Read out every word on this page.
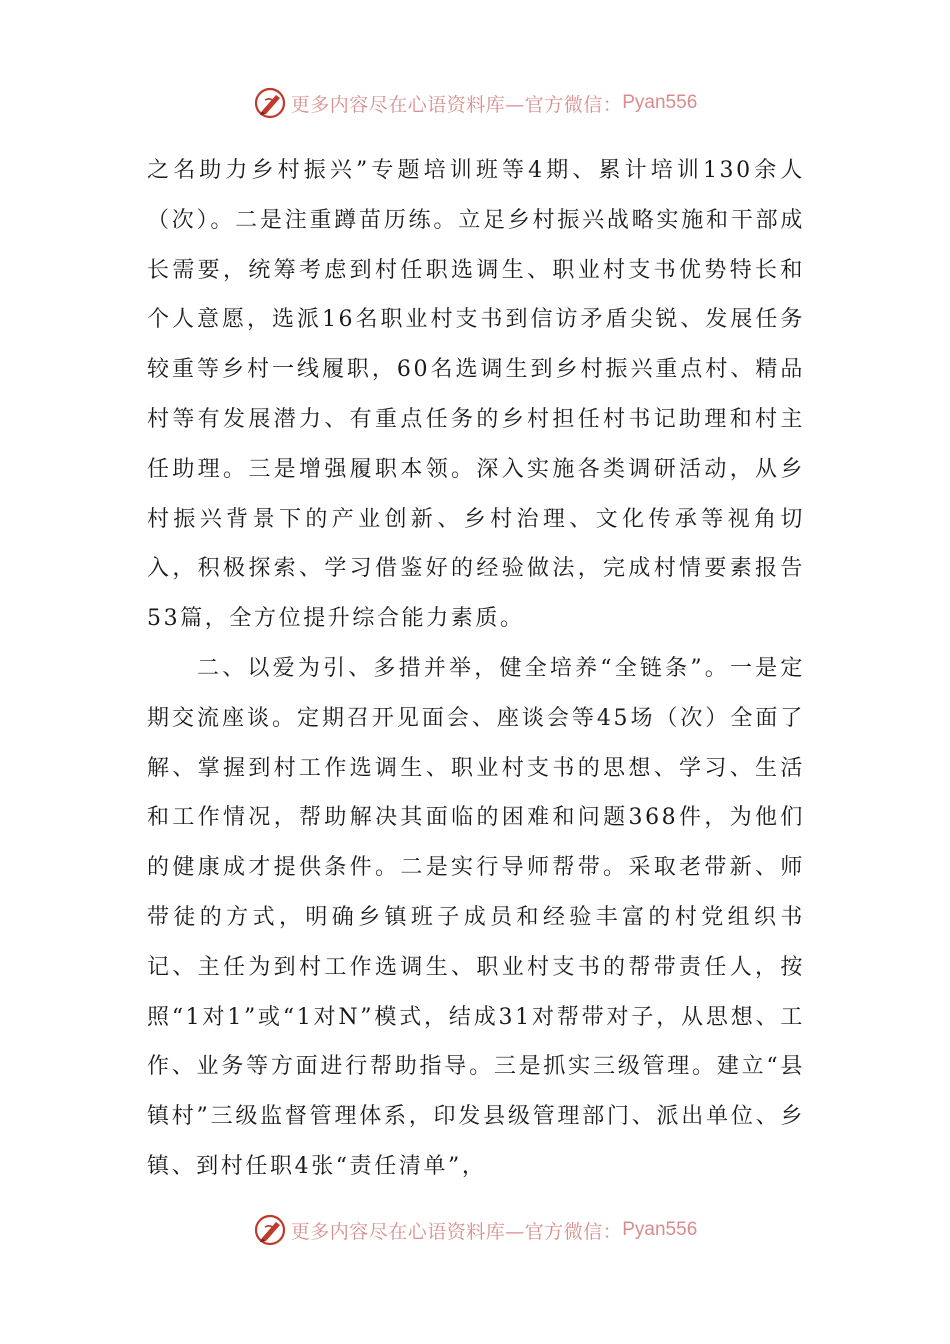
更多内容尽在心语资料库—官方微信： Pyan556

之名助力乡村振兴”专题培训班等4期、累计培训130余人（次）。二是注重蹲苗历练。立足乡村振兴战略实施和干部成长需要，统筹考虑到村任职选调生、职业村支书优势特长和个人意愿，选派16名职业村支书到信访矛盾尖锐、发展任务较重等乡村一线履职，60名选调生到乡村振兴重点村、精品村等有发展潜力、有重点任务的乡村担任村书记助理和村主任助理。三是增强履职本领。深入实施各类调研活动，从乡村振兴背景下的产业创新、乡村治理、文化传承等视角切入，积极探索、学习借鉴好的经验做法，完成村情要素报告53篇，全方位提升综合能力素质。

二、以爱为引、多措并举，健全培养“全链条”。一是定期交流座谈。定期召开见面会、座谈会等45场（次）全面了解、掌握到村工作选调生、职业村支书的思想、学习、生活和工作情况，帮助解决其面临的困难和问题368件，为他们的健康成才提供条件。二是实行导师帮带。采取老带新、师带徒的方式，明确乡镇班子成员和经验丰富的村党组织书记、主任为到村工作选调生、职业村支书的帮带责任人，按照“1对1”或“1对N”模式，结成31对帮带对子，从思想、工作、业务等方面进行帮助指导。三是抓实三级管理。建立“县镇村”三级监督管理体系，印发县级管理部门、派出单位、乡镇、到村任职4张“责任清单”，

更多内容尽在心语资料库—官方微信： Pyan556
